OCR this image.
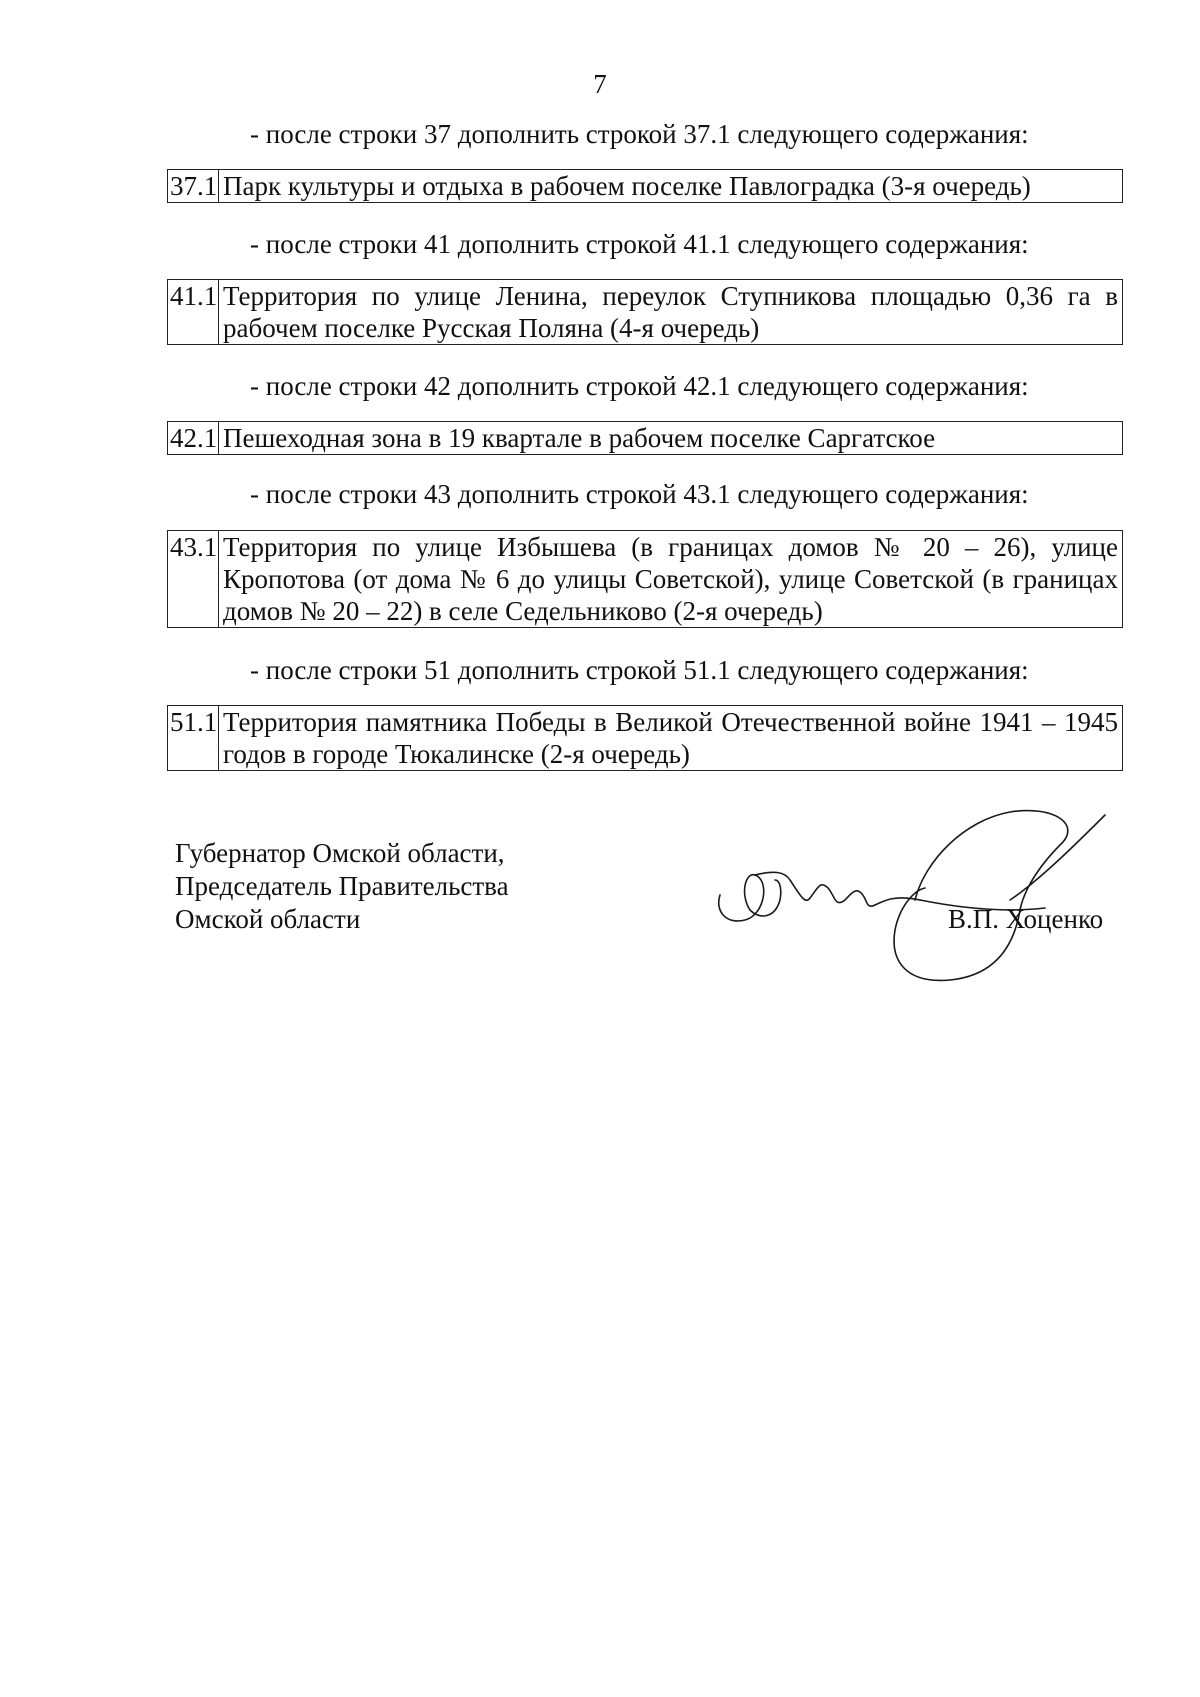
7
- после строки 37 дополнить строкой 37.1 следующего содержания:
37.1	Парк культуры и отдыха в рабочем поселке Павлоградка (3-я очередь)
- после строки 41 дополнить строкой 41.1 следующего содержания:
41.1	Территория по улице Ленина, переулок Ступникова площадью 0,36 га в рабочем поселке Русская Поляна (4-я очередь)
- после строки 42 дополнить строкой 42.1 следующего содержания:
42.1	Пешеходная зона в 19 квартале в рабочем поселке Саргатское
- после строки 43 дополнить строкой 43.1 следующего содержания:
43.1	Территория по улице Избышева (в границах домов № 20 – 26), улице Кропотова (от дома № 6 до улицы Советской), улице Советской (в границах домов № 20 – 22) в селе Седельниково (2-я очередь)
- после строки 51 дополнить строкой 51.1 следующего содержания:
51.1	Территория памятника Победы в Великой Отечественной войне 1941 – 1945 годов в городе Тюкалинске (2-я очередь)
Губернатор Омской области,
Председатель Правительства
Омской области	В.П. Хоценко
